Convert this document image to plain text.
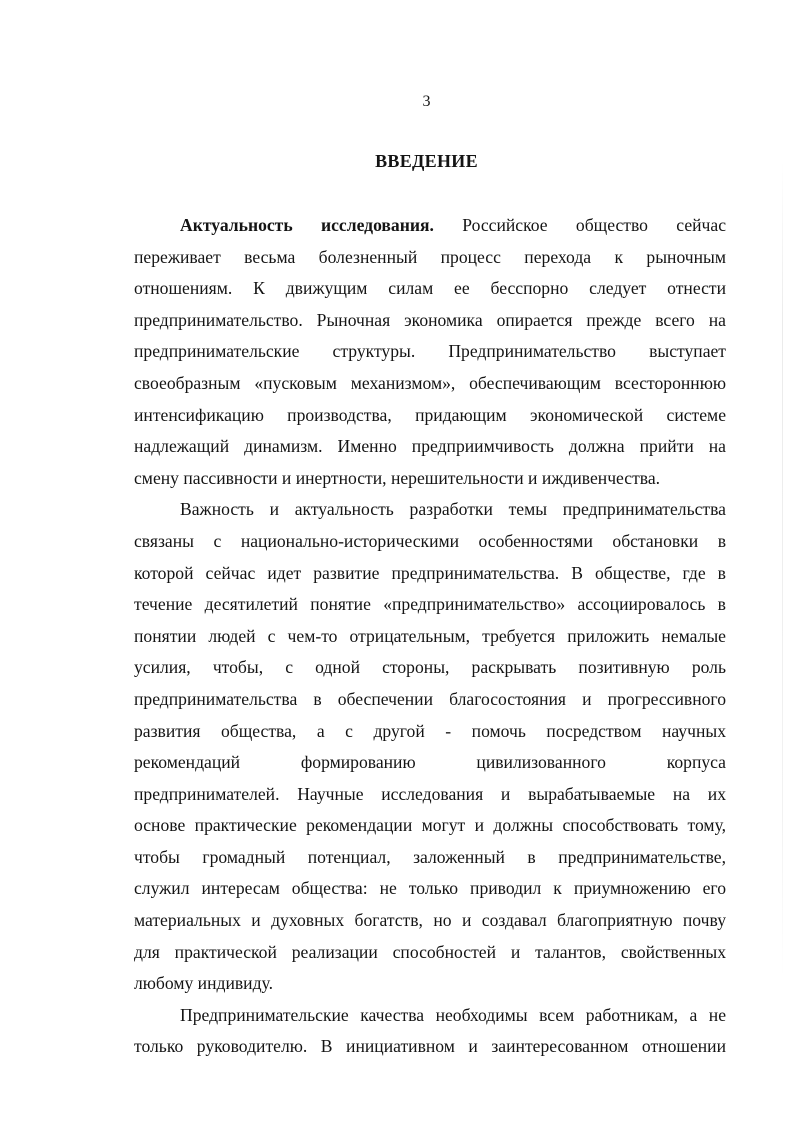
3
ВВЕДЕНИЕ
Актуальность исследования. Российское общество сейчас
переживает весьма болезненный процесс перехода к рыночным
отношениям. К движущим силам ее бесспорно следует отнести
предпринимательство. Рыночная экономика опирается прежде всего на
предпринимательские структуры. Предпринимательство выступает
своеобразным «пусковым механизмом», обеспечивающим всестороннюю
интенсификацию производства, придающим экономической системе
надлежащий динамизм. Именно предприимчивость должна прийти на
смену пассивности и инертности, нерешительности и иждивенчества.
Важность и актуальность разработки темы предпринимательства
связаны с национально-историческими особенностями обстановки в
которой сейчас идет развитие предпринимательства. В обществе, где в
течение десятилетий понятие «предпринимательство» ассоциировалось в
понятии людей с чем-то отрицательным, требуется приложить немалые
усилия, чтобы, с одной стороны, раскрывать позитивную роль
предпринимательства в обеспечении благосостояния и прогрессивного
развития общества, а с другой - помочь посредством научных
рекомендаций формированию цивилизованного корпуса
предпринимателей. Научные исследования и вырабатываемые на их
основе практические рекомендации могут и должны способствовать тому,
чтобы громадный потенциал, заложенный в предпринимательстве,
служил интересам общества: не только приводил к приумножению его
материальных и духовных богатств, но и создавал благоприятную почву
для практической реализации способностей и талантов, свойственных
любому индивиду.
Предпринимательские качества необходимы всем работникам, а не
только руководителю. В инициативном и заинтересованном отношении
